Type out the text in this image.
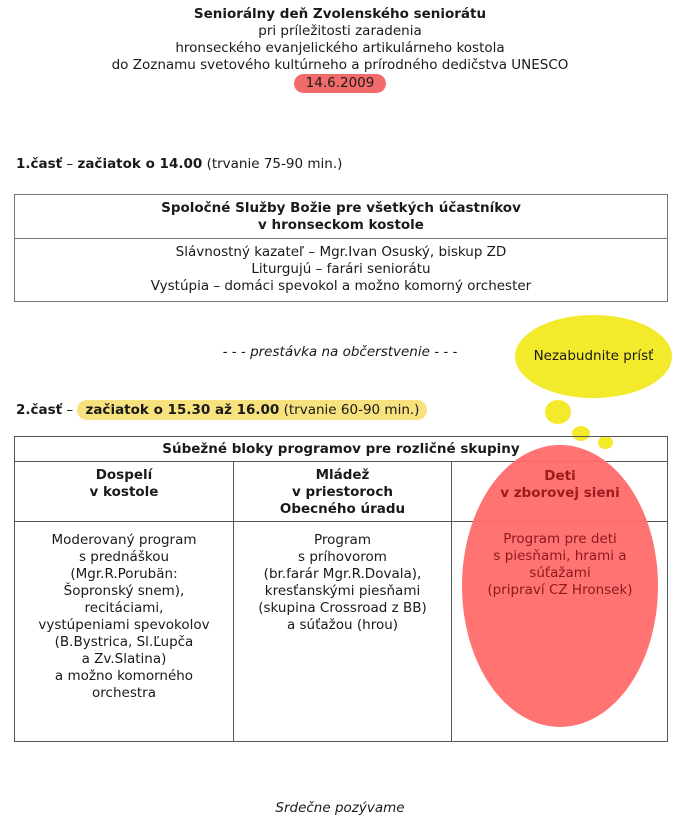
Seniorálny deň Zvolenského seniorátu
pri príležitosti zaradenia
hronseckého evanjelického artikulárneho kostola
do Zoznamu svetového kultúrneho a prírodného dedičstva UNESCO
14.6.2009
1.časť – začiatok o 14.00 (trvanie 75-90 min.)
Spoločné Služby Božie pre všetkých účastníkov
v hronseckom kostole
Slávnostný kazateľ – Mgr.Ivan Osuský, biskup ZD
Liturgujú – farári seniorátu
Vystúpia – domáci spevokol a možno komorný orchester
- - - prestávka na občerstvenie - - -	Nezabudnite prísť
2.časť – začiatok o 15.30 až 16.00 (trvanie 60-90 min.)
Súbežné bloky programov pre rozličné skupiny
Dospelí
v kostole
Mládež
v priestoroch
Obecného úradu
Moderovaný program
s prednáškou
(Mgr.R.Porubän:
Šopronský snem),
recitáciami,
vystúpeniami spevokolov
(B.Bystrica, Sl.Ľupča
a Zv.Slatina)
a možno komorného
orchestra
Program
s príhovorom
(br.farár Mgr.R.Dovala),
kresťanskými piesňami
(skupina Crossroad z BB)
a súťažou (hrou)
Deti
v zborovej sieni
Program pre deti
s piesňami, hrami a
súťažami
(pripraví CZ Hronsek)
Srdečne pozývame
